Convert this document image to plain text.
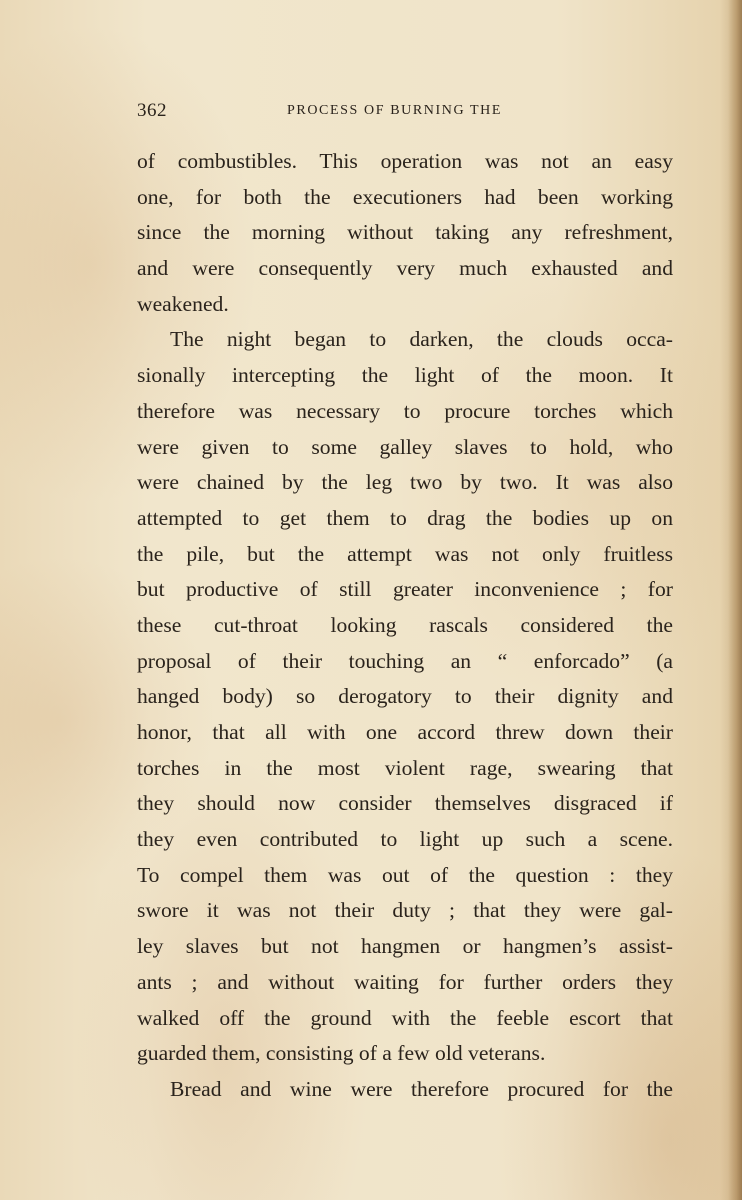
362	PROCESS OF BURNING THE
of combustibles. This operation was not an easy
one, for both the executioners had been working
since the morning without taking any refreshment,
and were consequently very much exhausted and
weakened.
The night began to darken, the clouds occa-
sionally intercepting the light of the moon. It
therefore was necessary to procure torches which
were given to some galley slaves to hold, who
were chained by the leg two by two. It was also
attempted to get them to drag the bodies up on
the pile, but the attempt was not only fruitless
but productive of still greater inconvenience ; for
these cut-throat looking rascals considered the
proposal of their touching an “ enforcado” (a
hanged body) so derogatory to their dignity and
honor, that all with one accord threw down their
torches in the most violent rage, swearing that
they should now consider themselves disgraced if
they even contributed to light up such a scene.
To compel them was out of the question : they
swore it was not their duty ; that they were gal-
ley slaves but not hangmen or hangmen’s assist-
ants ; and without waiting for further orders they
walked off the ground with the feeble escort that
guarded them, consisting of a few old veterans.
Bread and wine were therefore procured for the
